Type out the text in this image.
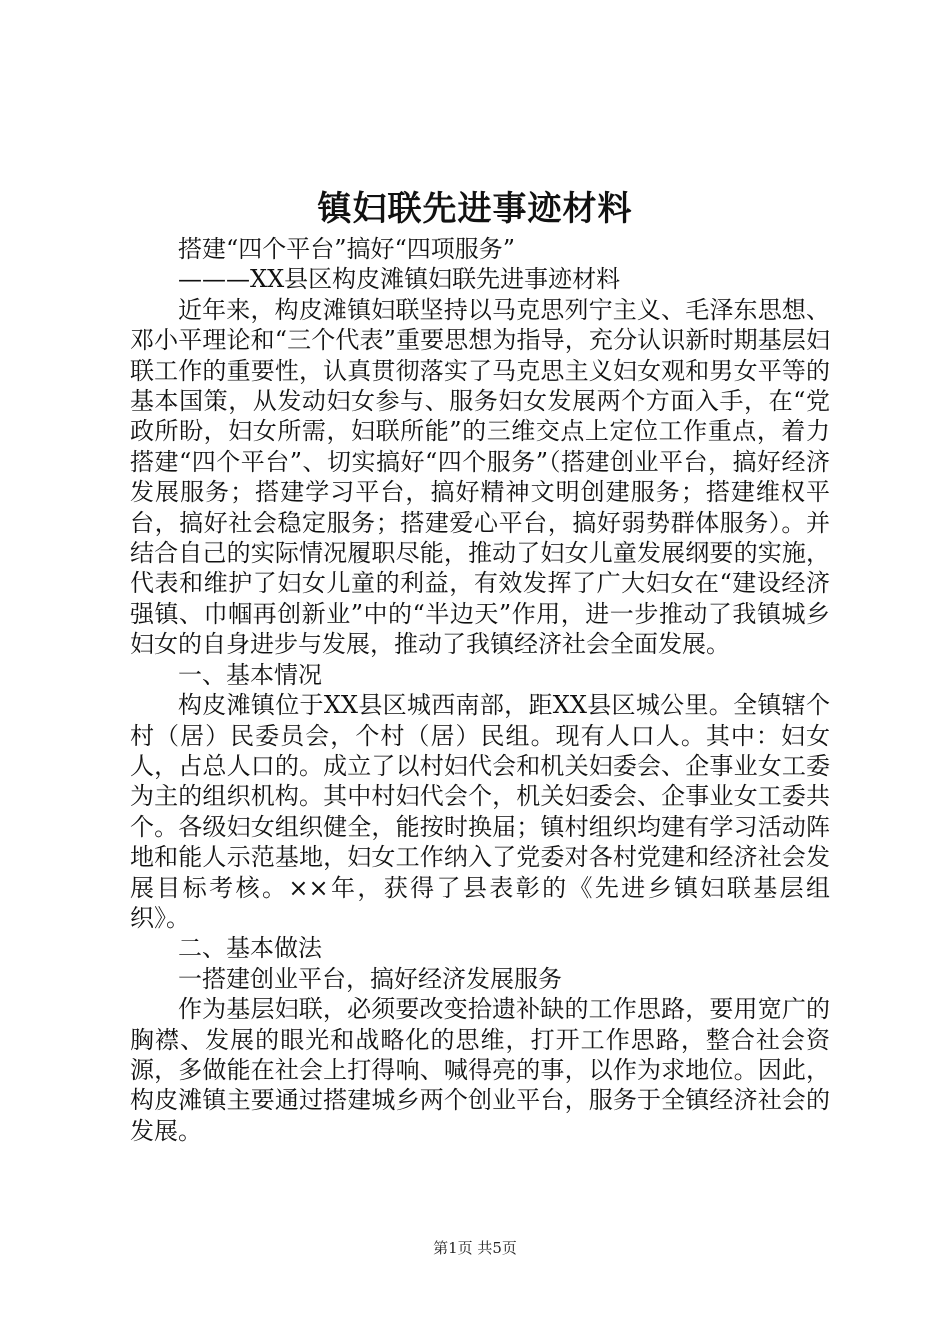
镇妇联先进事迹材料

搭建“四个平台”搞好“四项服务”

———XX县区构皮滩镇妇联先进事迹材料

近年来，构皮滩镇妇联坚持以马克思列宁主义、毛泽东思想、邓小平理论和“三个代表”重要思想为指导，充分认识新时期基层妇联工作的重要性，认真贯彻落实了马克思主义妇女观和男女平等的基本国策，从发动妇女参与、服务妇女发展两个方面入手，在“党政所盼，妇女所需，妇联所能”的三维交点上定位工作重点，着力搭建“四个平台”、切实搞好“四个服务”（搭建创业平台，搞好经济发展服务；搭建学习平台，搞好精神文明创建服务；搭建维权平台，搞好社会稳定服务；搭建爱心平台，搞好弱势群体服务）。并结合自己的实际情况履职尽能，推动了妇女儿童发展纲要的实施，代表和维护了妇女儿童的利益，有效发挥了广大妇女在“建设经济强镇、巾帼再创新业”中的“半边天”作用，进一步推动了我镇城乡妇女的自身进步与发展，推动了我镇经济社会全面发展。

一、基本情况

构皮滩镇位于XX县区城西南部，距XX县区城公里。全镇辖个村（居）民委员会，个村（居）民组。现有人口人。其中：妇女人，占总人口的。成立了以村妇代会和机关妇委会、企事业女工委为主的组织机构。其中村妇代会个，机关妇委会、企事业女工委共个。各级妇女组织健全，能按时换届；镇村组织均建有学习活动阵地和能人示范基地，妇女工作纳入了党委对各村党建和经济社会发展目标考核。××年，获得了县表彰的《先进乡镇妇联基层组织》。

二、基本做法

一搭建创业平台，搞好经济发展服务

作为基层妇联，必须要改变拾遗补缺的工作思路，要用宽广的胸襟、发展的眼光和战略化的思维，打开工作思路，整合社会资源，多做能在社会上打得响、喊得亮的事，以作为求地位。因此，构皮滩镇主要通过搭建城乡两个创业平台，服务于全镇经济社会的发展。

第1页 共5页
